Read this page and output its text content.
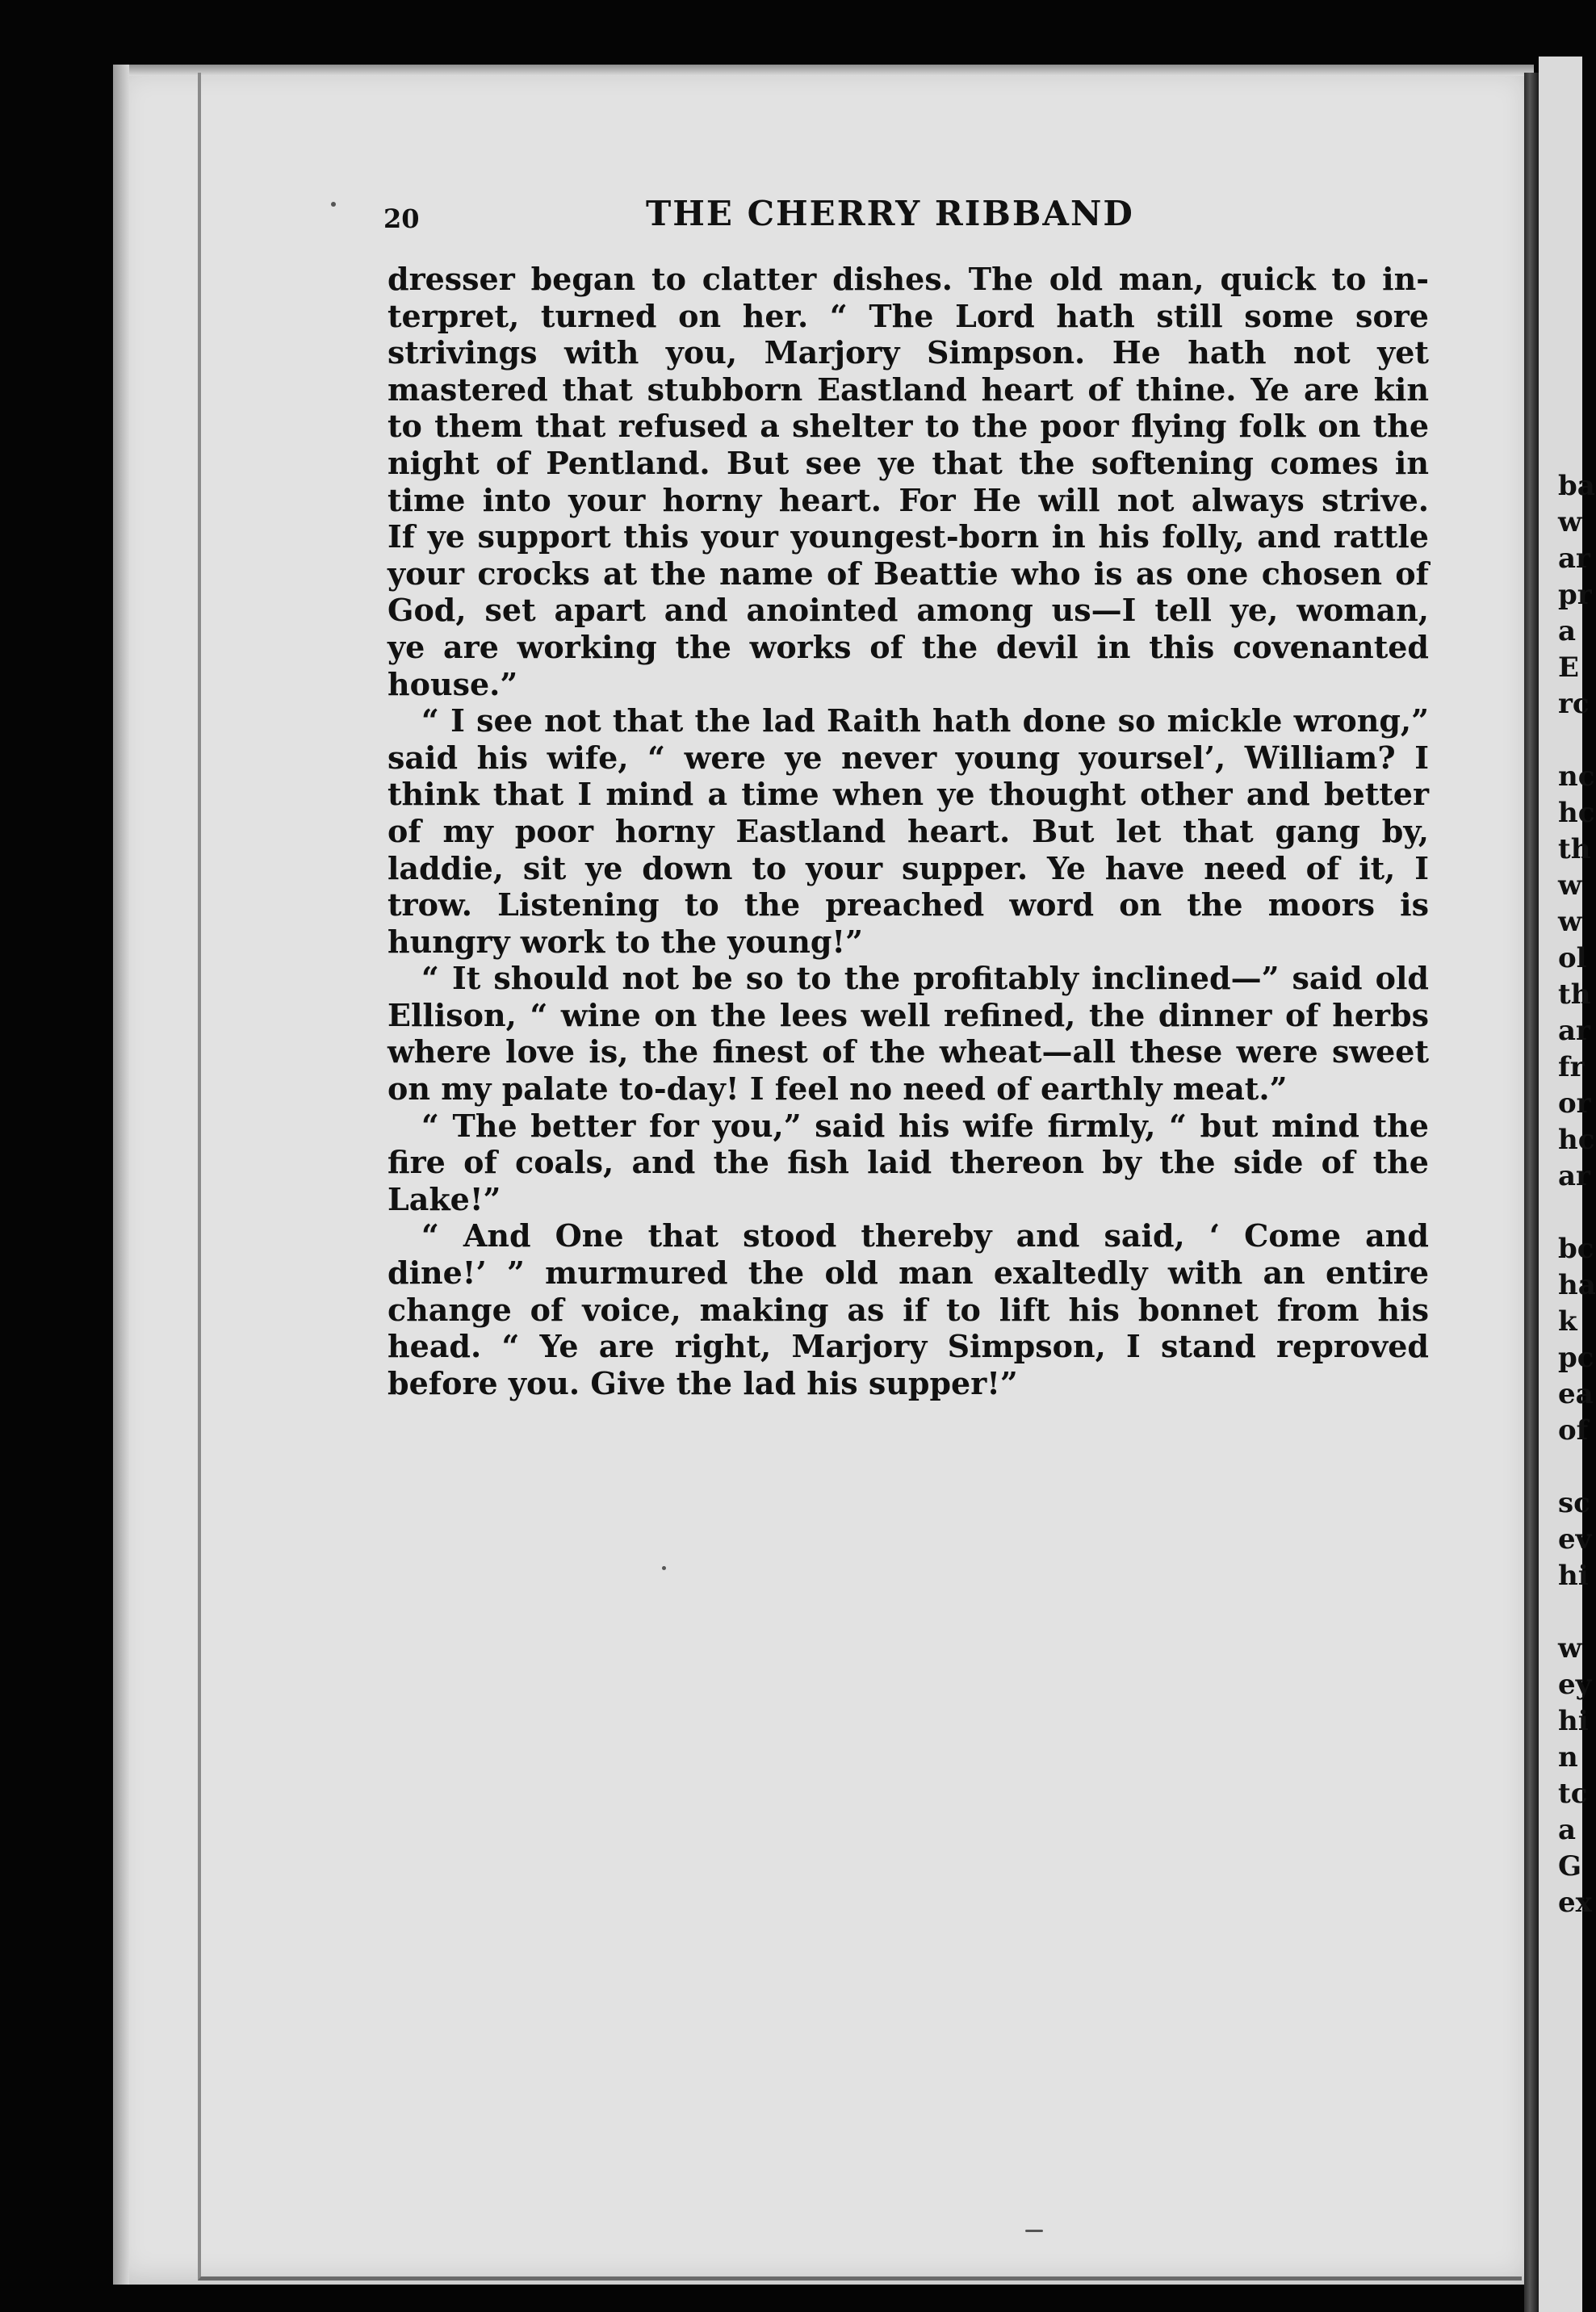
20	THE CHERRY RIBBAND
dresser began to clatter dishes. The old man, quick to in-
terpret, turned on her. “ The Lord hath still some sore
strivings with you, Marjory Simpson. He hath not yet
mastered that stubborn Eastland heart of thine. Ye are kin
to them that refused a shelter to the poor flying folk on the
night of Pentland. But see ye that the softening comes in
time into your horny heart. For He will not always strive.
If ye support this your youngest-born in his folly, and rattle
your crocks at the name of Beattie who is as one chosen of
God, set apart and anointed among us—I tell ye, woman,
ye are working the works of the devil in this covenanted
house.”
“ I see not that the lad Raith hath done so mickle wrong,”
said his wife, “ were ye never young yoursel’, William? I
think that I mind a time when ye thought other and better
of my poor horny Eastland heart. But let that gang by,
laddie, sit ye down to your supper. Ye have need of it, I
trow. Listening to the preached word on the moors is
hungry work to the young!”
“ It should not be so to the profitably inclined—” said old
Ellison, “ wine on the lees well refined, the dinner of herbs
where love is, the finest of the wheat—all these were sweet
on my palate to-day! I feel no need of earthly meat.”
“ The better for you,” said his wife firmly, “ but mind the
fire of coals, and the fish laid thereon by the side of the
Lake!”
“ And One that stood thereby and said, ‘ Come and
dine!’ ” murmured the old man exaltedly with an entire
change of voice, making as if to lift his bonnet from his
head. “ Ye are right, Marjory Simpson, I stand reproved
before you. Give the lad his supper!”
ba
w
ar
pr
a
E
rc
nc
hc
th
w
w
ol
th
ar
fr
or
hc
ar
bc
ha
k
pc
ea
of
sc
ev
hi
w
ey
hi
n
tc
a
G
ex
